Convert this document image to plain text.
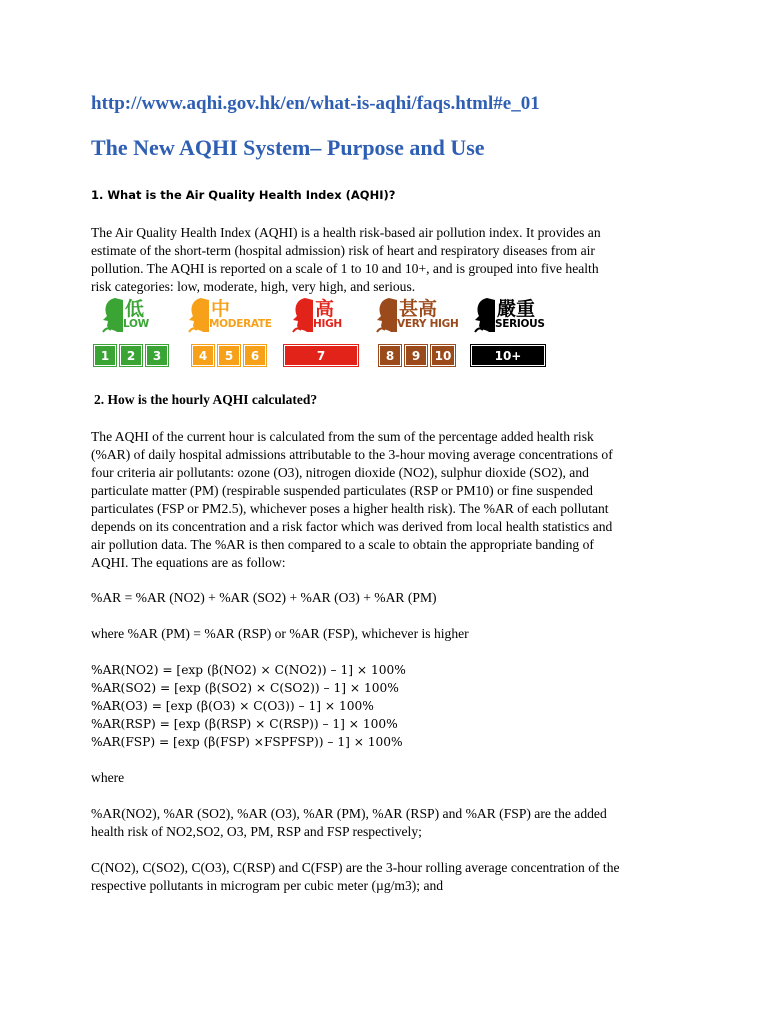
http://www.aqhi.gov.hk/en/what-is-aqhi/faqs.html#e_01
The New AQHI System– Purpose and Use
1. What is the Air Quality Health Index (AQHI)?
The Air Quality Health Index (AQHI) is a health risk-based air pollution index. It provides an
estimate of the short-term (hospital admission) risk of heart and respiratory diseases from air
pollution. The AQHI is reported on a scale of 1 to 10 and 10+, and is grouped into five health
risk categories: low, moderate, high, very high, and serious.
低
LOW
中
MODERATE
高
HIGH
甚高
VERY HIGH
嚴重
SERIOUS
1 2 3	4 5 6	7	8 9 10	10+
2. How is the hourly AQHI calculated?
The AQHI of the current hour is calculated from the sum of the percentage added health risk
(%AR) of daily hospital admissions attributable to the 3-hour moving average concentrations of
four criteria air pollutants: ozone (O3), nitrogen dioxide (NO2), sulphur dioxide (SO2), and
particulate matter (PM) (respirable suspended particulates (RSP or PM10) or fine suspended
particulates (FSP or PM2.5), whichever poses a higher health risk). The %AR of each pollutant
depends on its concentration and a risk factor which was derived from local health statistics and
air pollution data. The %AR is then compared to a scale to obtain the appropriate banding of
AQHI. The equations are as follow:
%AR = %AR (NO2) + %AR (SO2) + %AR (O3) + %AR (PM)
where %AR (PM) = %AR (RSP) or %AR (FSP), whichever is higher
%AR(NO2) = [exp (β(NO2) × C(NO2)) – 1] × 100%
%AR(SO2) = [exp (β(SO2) × C(SO2)) – 1] × 100%
%AR(O3) = [exp (β(O3) × C(O3)) – 1] × 100%
%AR(RSP) = [exp (β(RSP) × C(RSP)) – 1] × 100%
%AR(FSP) = [exp (β(FSP) ×FSPFSP)) – 1] × 100%
where
%AR(NO2), %AR (SO2), %AR (O3), %AR (PM), %AR (RSP) and %AR (FSP) are the added
health risk of NO2,SO2, O3, PM, RSP and FSP respectively;
C(NO2), C(SO2), C(O3), C(RSP) and C(FSP) are the 3-hour rolling average concentration of the
respective pollutants in microgram per cubic meter (µg/m3); and
